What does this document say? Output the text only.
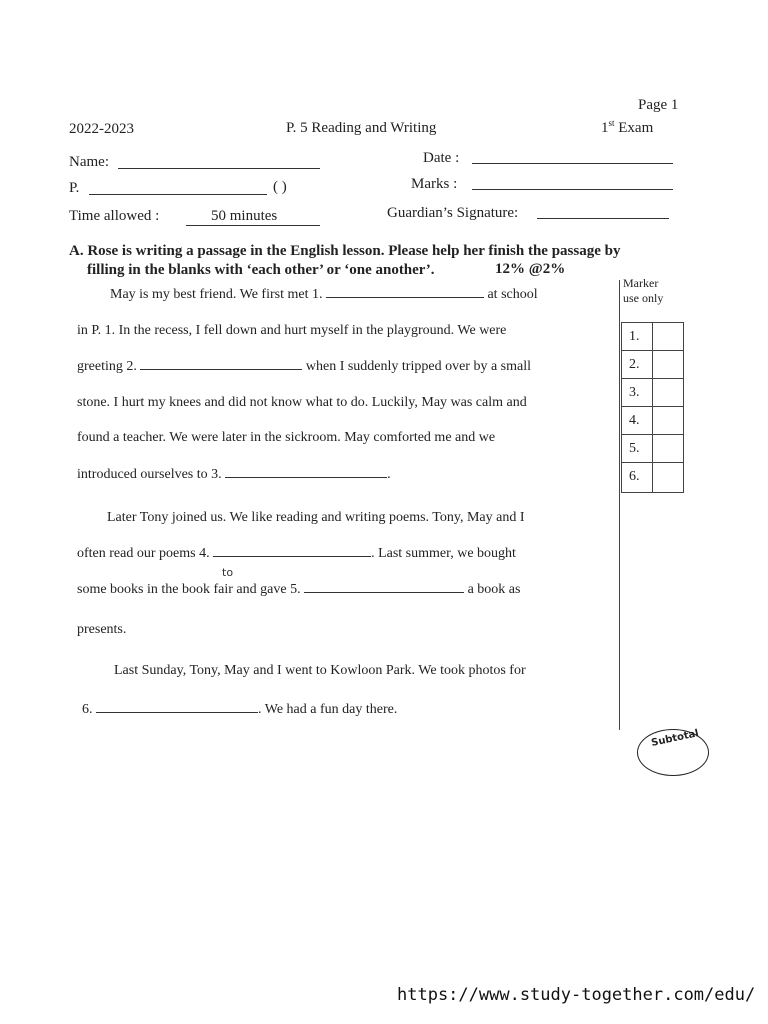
Page 1
2022-2023	P. 5 Reading and Writing	1st Exam
Name:	Date :
P.	( )	Marks :
Time allowed :	50 minutes	Guardian’s Signature:
A. Rose is writing a passage in the English lesson. Please help her finish the passage by
filling in the blanks with ‘each other’ or ‘one another’.	12% @2%
Marker
use only
1.
2.
3.
4.
5.
6.
May is my best friend. We first met 1.	at school
in P. 1. In the recess, I fell down and hurt myself in the playground. We were
greeting 2.	when I suddenly tripped over by a small
stone. I hurt my knees and did not know what to do. Luckily, May was calm and
found a teacher. We were later in the sickroom. May comforted me and we
introduced ourselves to 3.	.
Later Tony joined us. We like reading and writing poems. Tony, May and I
often read our poems 4.	. Last summer, we bought
to
some books in the book fair and gave 5.	a book as
presents.
Last Sunday, Tony, May and I went to Kowloon Park. We took photos for
6.	. We had a fun day there.
Subtotal
https://www.study-together.com/edu/
